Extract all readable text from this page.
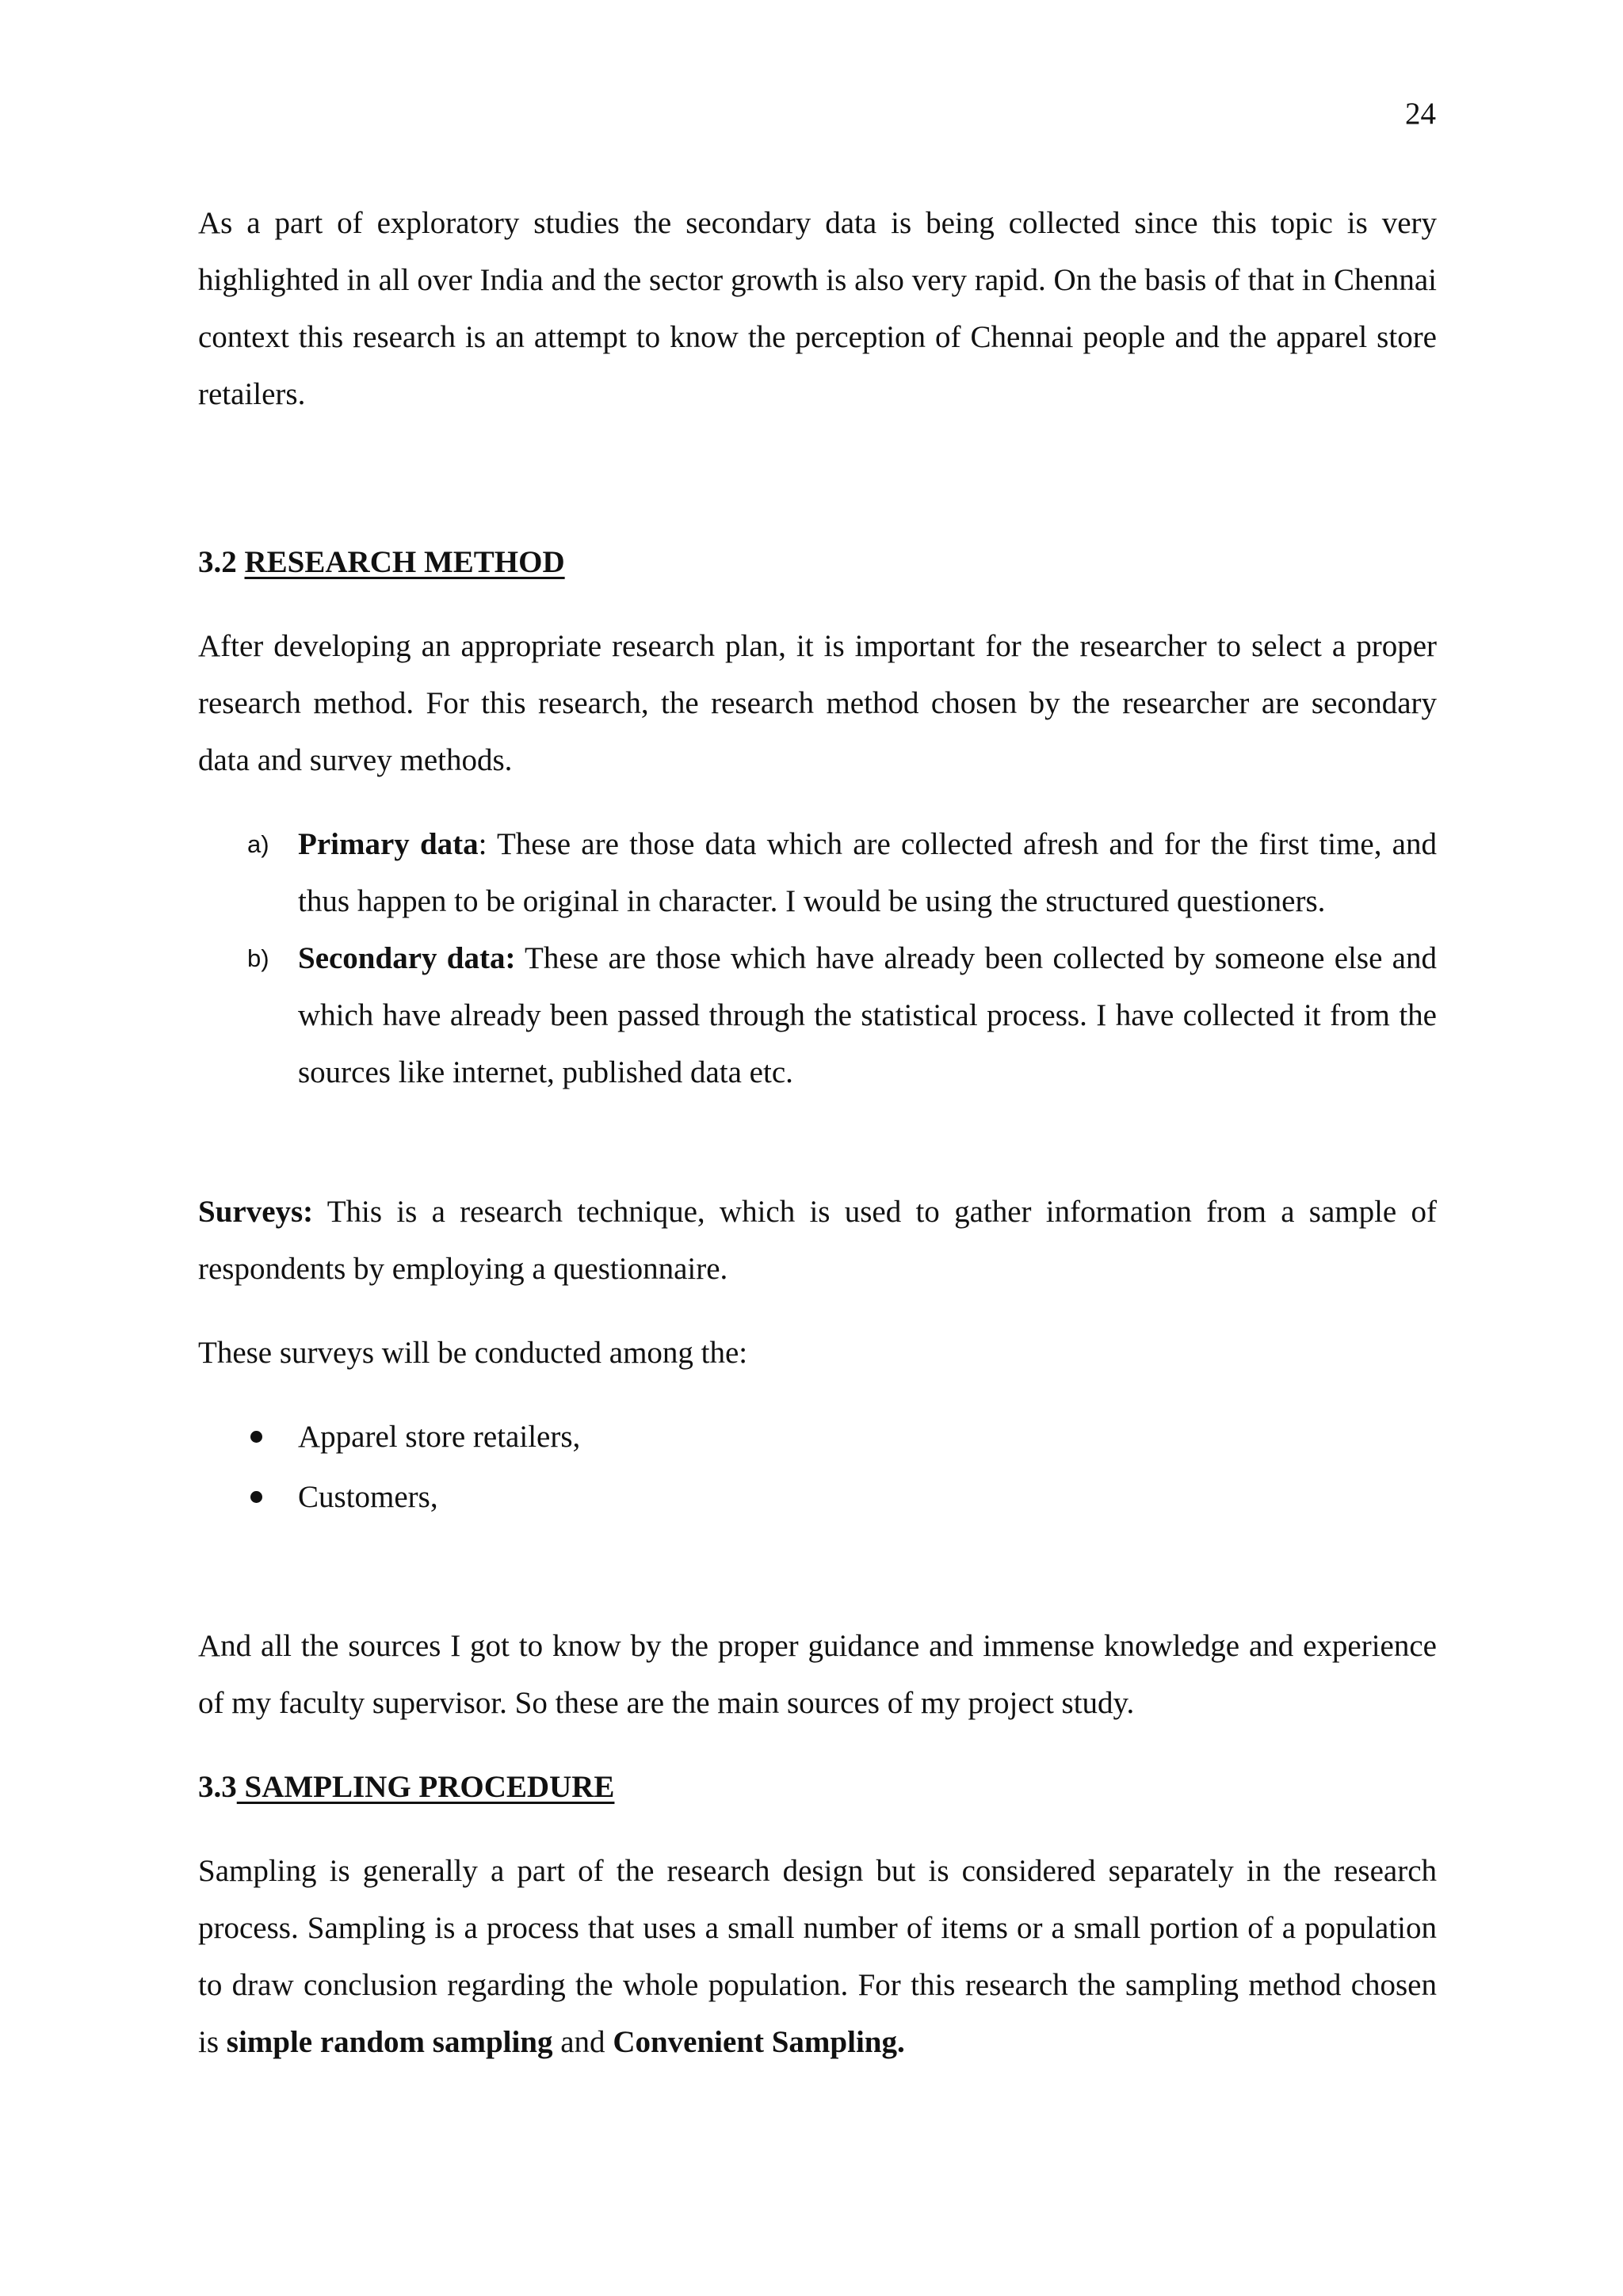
24

As a part of exploratory studies the secondary data is being collected since this topic is very highlighted in all over India and the sector growth is also very rapid. On the basis of that in Chennai context this research is an attempt to know the perception of Chennai people and the apparel store retailers.

3.2 RESEARCH METHOD

After developing an appropriate research plan, it is important for the researcher to select a proper research method. For this research, the research method chosen by the researcher are secondary data and survey methods.

a) Primary data: These are those data which are collected afresh and for the first time, and thus happen to be original in character. I would be using the structured questioners.
b) Secondary data: These are those which have already been collected by someone else and which have already been passed through the statistical process. I have collected it from the sources like internet, published data etc.

Surveys: This is a research technique, which is used to gather information from a sample of respondents by employing a questionnaire.

These surveys will be conducted among the:

Apparel store retailers,
Customers,

And all the sources I got to know by the proper guidance and immense knowledge and experience of my faculty supervisor. So these are the main sources of my project study.

3.3 SAMPLING PROCEDURE

Sampling is generally a part of the research design but is considered separately in the research process. Sampling is a process that uses a small number of items or a small portion of a population to draw conclusion regarding the whole population. For this research the sampling method chosen is simple random sampling and Convenient Sampling.
